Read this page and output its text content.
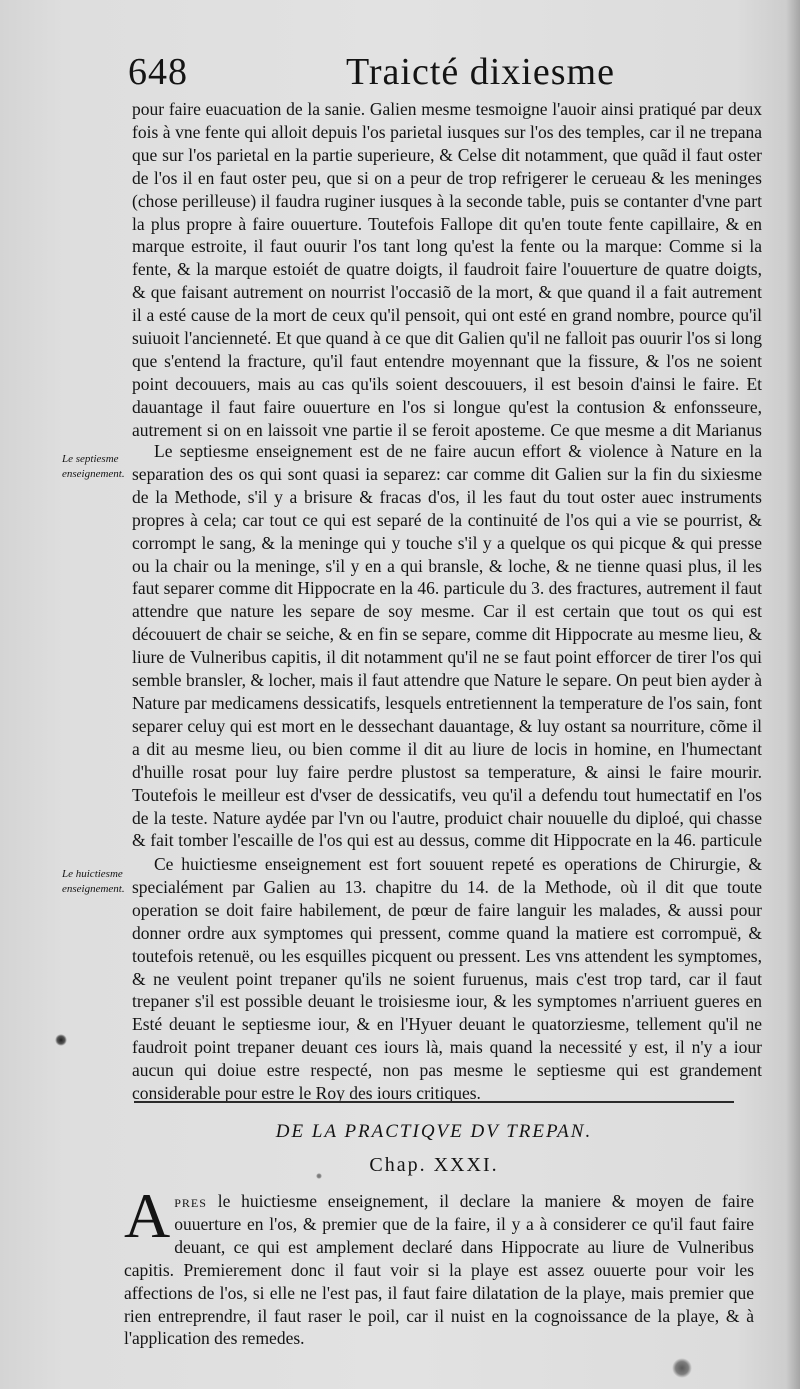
648	Traicté dixiesme

pour faire euacuation de la sanie. Galien mesme tesmoigne l'auoir ainsi pratiqué par deux fois à vne fente qui alloit depuis l'os parietal iusques sur l'os des temples, car il ne trepana que sur l'os parietal en la partie superieure, & Celse dit notamment, que quãd il faut oster de l'os il en faut oster peu, que si on a peur de trop refrigerer le cerueau & les meninges (chose perilleuse) il faudra ruginer iusques à la seconde table, puis se contanter d'vne part la plus propre à faire ouuerture. Toutefois Fallope dit qu'en toute fente capillaire, & en marque estroite, il faut ouurir l'os tant long qu'est la fente ou la marque: Comme si la fente, & la marque estoiét de quatre doigts, il faudroit faire l'ouuerture de quatre doigts, & que faisant autrement on nourrist l'occasiõ de la mort, & que quand il a fait autrement il a esté cause de la mort de ceux qu'il pensoit, qui ont esté en grand nombre, pource qu'il suiuoit l'ancienneté. Et que quand à ce que dit Galien qu'il ne falloit pas ouurir l'os si long que s'entend la fracture, qu'il faut entendre moyennant que la fissure, & l'os ne soient point decouuers, mais au cas qu'ils soient descouuers, il est besoin d'ainsi le faire. Et dauantage il faut faire ouuerture en l'os si longue qu'est la contusion & enfonsseure, autrement si on en laissoit vne partie il se feroit aposteme. Ce que mesme a dit Marianus

Le septiesme enseignement est de ne faire aucun effort & violence à Nature en la separation des os qui sont quasi ia separez: car comme dit Galien sur la fin du sixiesme de la Methode, s'il y a brisure & fracas d'os, il les faut du tout oster auec instruments propres à cela; car tout ce qui est separé de la continuité de l'os qui a vie se pourrist, & corrompt le sang, & la meninge qui y touche s'il y a quelque os qui picque & qui presse ou la chair ou la meninge, s'il y en a qui bransle, & loche, & ne tienne quasi plus, il les faut separer comme dit Hippocrate en la 46. particule du 3. des fractures, autrement il faut attendre que nature les separe de soy mesme. Car il est certain que tout os qui est découuert de chair se seiche, & en fin se separe, comme dit Hippocrate au mesme lieu, & liure de Vulneribus capitis, il dit notamment qu'il ne se faut point efforcer de tirer l'os qui semble bransler, & locher, mais il faut attendre que Nature le separe. On peut bien ayder à Nature par medicamens dessicatifs, lesquels entretiennent la temperature de l'os sain, font separer celuy qui est mort en le dessechant dauantage, & luy ostant sa nourriture, cõme il a dit au mesme lieu, ou bien comme il dit au liure de locis in homine, en l'humectant d'huille rosat pour luy faire perdre plustost sa temperature, & ainsi le faire mourir. Toutefois le meilleur est d'vser de dessicatifs, veu qu'il a defendu tout humectatif en l'os de la teste. Nature aydée par l'vn ou l'autre, produict chair nouuelle du diploé, qui chasse & fait tomber l'escaille de l'os qui est au dessus, comme dit Hippocrate en la 46. particule

Ce huictiesme enseignement est fort souuent repeté es operations de Chirurgie, & specialément par Galien au 13. chapitre du 14. de la Methode, où il dit que toute operation se doit faire habilement, de pœur de faire languir les malades, & aussi pour donner ordre aux symptomes qui pressent, comme quand la matiere est corrompuë, & toutefois retenuë, ou les esquilles picquent ou pressent. Les vns attendent les symptomes, & ne veulent point trepaner qu'ils ne soient furuenus, mais c'est trop tard, car il faut trepaner s'il est possible deuant le troisiesme iour, & les symptomes n'arriuent gueres en Esté deuant le septiesme iour, & en l'Hyuer deuant le quatorziesme, tellement qu'il ne faudroit point trepaner deuant ces iours là, mais quand la necessité y est, il n'y a iour aucun qui doiue estre respecté, non pas mesme le septiesme qui est grandement considerable pour estre le Roy des iours critiques.

Le septiesme enseignement.
Le huictiesme enseignement.
DE LA PRACTIQVE DV TREPAN.
Chap. XXXI.

Apres le huictiesme enseignement, il declare la maniere & moyen de faire ouuerture en l'os, & premier que de la faire, il y a à considerer ce qu'il faut faire deuant, ce qui est amplement declaré dans Hippocrate au liure de Vulneribus capitis. Premierement donc il faut voir si la playe est assez ouuerte pour voir les affections de l'os, si elle ne l'est pas, il faut faire dilatation de la playe, mais premier que rien entreprendre, il faut raser le poil, car il nuist en la cognoissance de la playe, & à l'application des remedes.
